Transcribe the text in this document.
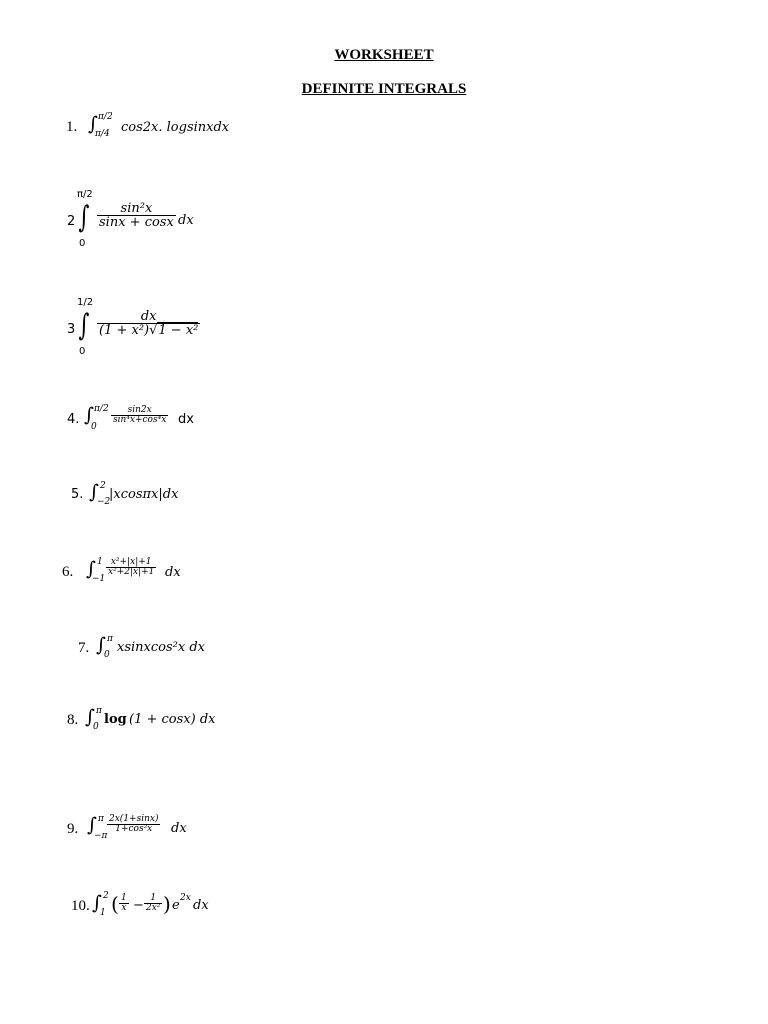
WORKSHEET
DEFINITE INTEGRALS
1. ∫ π/2
π/4 cos2x. logsinxdx
2
π/2
∫
0
$\frac{\text{sin²x}}{\sin x + \cos x}$ dx
3
1/2
∫
0
$\frac{dx}{\text{(1 + x²)√1 − x²}}$
4. ∫ π/2
0
$\frac{\sin 2x}{\text{sin⁴x+cos⁴x}}$ dx
5. ∫ 2
−2
|xcosπx|dx
6. ∫ 1
−1
$\frac{\text{x²+|x|+1}}{\text{x²+2|x|+1}}$ dx
7. ∫ π
0 xsinxcos²x dx
8. ∫ π
0 log (1 + cosx) dx
9. ∫ π
−π
$\frac{2x(1+\sin x)}{\text{1+cos²x}}$ dx
10. ∫ 2
1 ( $\frac{1}{x} - \frac{1}{\text{2x²}}$ ) e 2x dx
